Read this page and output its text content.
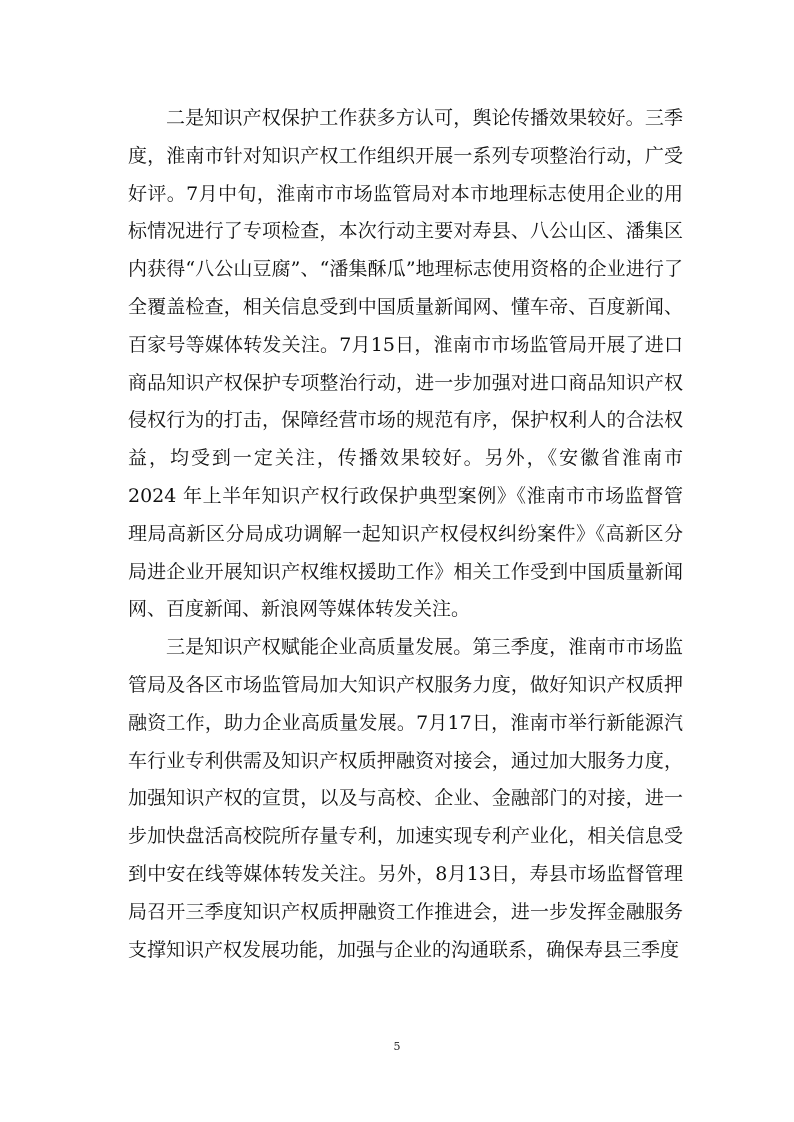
二是知识产权保护工作获多方认可，舆论传播效果较好。三季度，淮南市针对知识产权工作组织开展一系列专项整治行动，广受好评。7月中旬，淮南市市场监管局对本市地理标志使用企业的用标情况进行了专项检查，本次行动主要对寿县、八公山区、潘集区内获得“八公山豆腐”、“潘集酥瓜”地理标志使用资格的企业进行了全覆盖检查，相关信息受到中国质量新闻网、懂车帝、百度新闻、百家号等媒体转发关注。7月15日，淮南市市场监管局开展了进口商品知识产权保护专项整治行动，进一步加强对进口商品知识产权侵权行为的打击，保障经营市场的规范有序，保护权利人的合法权益，均受到一定关注，传播效果较好。另外，《安徽省淮南市 2024 年上半年知识产权行政保护典型案例》《淮南市市场监督管理局高新区分局成功调解一起知识产权侵权纠纷案件》《高新区分局进企业开展知识产权维权援助工作》相关工作受到中国质量新闻网、百度新闻、新浪网等媒体转发关注。

三是知识产权赋能企业高质量发展。第三季度，淮南市市场监管局及各区市场监管局加大知识产权服务力度，做好知识产权质押融资工作，助力企业高质量发展。7月17日，淮南市举行新能源汽车行业专利供需及知识产权质押融资对接会，通过加大服务力度，加强知识产权的宣贯，以及与高校、企业、金融部门的对接，进一步加快盘活高校院所存量专利，加速实现专利产业化，相关信息受到中安在线等媒体转发关注。另外，8月13日，寿县市场监督管理局召开三季度知识产权质押融资工作推进会，进一步发挥金融服务支撑知识产权发展功能，加强与企业的沟通联系，确保寿县三季度

5
